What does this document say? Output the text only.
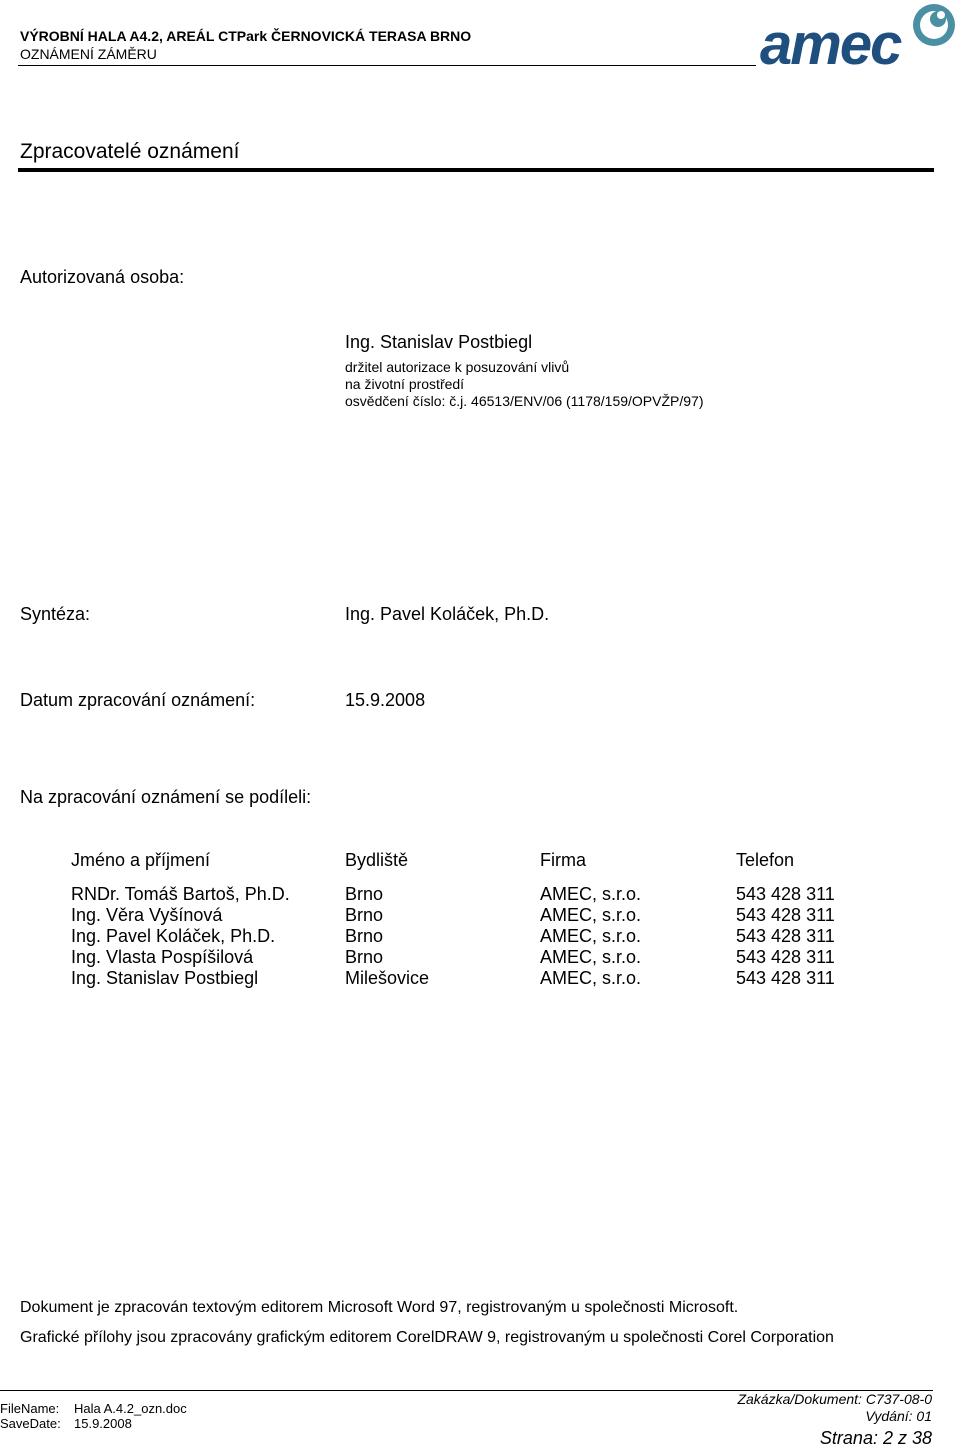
VÝROBNÍ HALA A4.2, AREÁL CTPark ČERNOVICKÁ TERASA BRNO
OZNÁMENÍ ZÁMĚRU	amec
Zpracovatelé oznámení
Autorizovaná osoba:
Ing. Stanislav Postbiegl
držitel autorizace k posuzování vlivů
na životní prostředí
osvědčení číslo: č.j. 46513/ENV/06 (1178/159/OPVŽP/97)
Syntéza:	Ing. Pavel Koláček, Ph.D.
Datum zpracování oznámení:	15.9.2008
Na zpracování oznámení se podíleli:
Jméno a příjmení	Bydliště	Firma	Telefon
RNDr. Tomáš Bartoš, Ph.D.	Brno	AMEC, s.r.o.	543 428 311
Ing. Věra Vyšínová	Brno	AMEC, s.r.o.	543 428 311
Ing. Pavel Koláček, Ph.D.	Brno	AMEC, s.r.o.	543 428 311
Ing. Vlasta Pospíšilová	Brno	AMEC, s.r.o.	543 428 311
Ing. Stanislav Postbiegl	Milešovice	AMEC, s.r.o.	543 428 311
Dokument je zpracován textovým editorem Microsoft Word 97, registrovaným u společnosti Microsoft.
Grafické přílohy jsou zpracovány grafickým editorem CorelDRAW 9, registrovaným u společnosti Corel Corporation
FileName: Hala A.4.2_ozn.doc
SaveDate: 15.9.2008
Zakázka/Dokument: C737-08-0
Vydání: 01
Strana: 2 z 38
